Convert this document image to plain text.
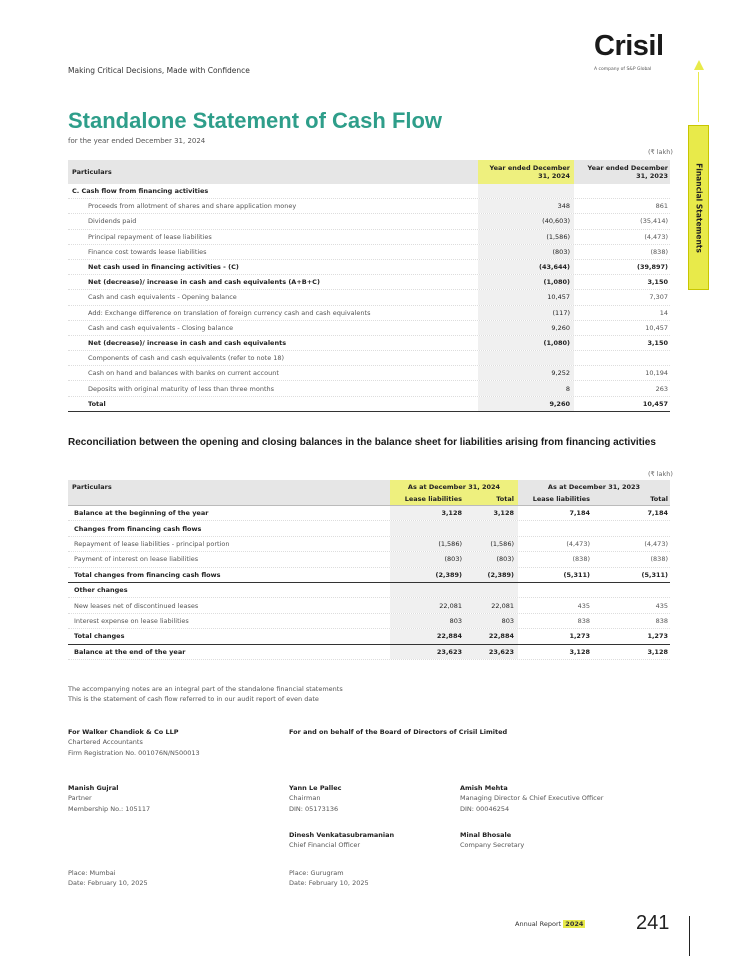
Making Critical Decisions, Made with Confidence
Crisil
A company of S&P Global
Financial Statements
Standalone Statement of Cash Flow
for the year ended December 31, 2024
(₹ lakh)
Particulars
Year ended December 31, 2024
Year ended December 31, 2023
C. Cash flow from financing activities
Proceeds from allotment of shares and share application money	348	861
Dividends paid	(40,603)	(35,414)
Principal repayment of lease liabilities	(1,586)	(4,473)
Finance cost towards lease liabilities	(803)	(838)
Net cash used in financing activities - (C)	(43,644)	(39,897)
Net (decrease)/ increase in cash and cash equivalents (A+B+C)	(1,080)	3,150
Cash and cash equivalents - Opening balance	10,457	7,307
Add: Exchange difference on translation of foreign currency cash and cash equivalents	(117)	14
Cash and cash equivalents - Closing balance	9,260	10,457
Net (decrease)/ increase in cash and cash equivalents	(1,080)	3,150
Components of cash and cash equivalents (refer to note 18)
Cash on hand and balances with banks on current account	9,252	10,194
Deposits with original maturity of less than three months	8	263
Total	9,260	10,457
Reconciliation between the opening and closing balances in the balance sheet for liabilities arising from financing activities
(₹ lakh)
Particulars	As at December 31, 2024	As at December 31, 2023
Lease liabilities	Total	Lease liabilities	Total
Balance at the beginning of the year	3,128	3,128	7,184	7,184
Changes from financing cash flows
Repayment of lease liabilities - principal portion	(1,586)	(1,586)	(4,473)	(4,473)
Payment of interest on lease liabilities	(803)	(803)	(838)	(838)
Total changes from financing cash flows	(2,389)	(2,389)	(5,311)	(5,311)
Other changes
New leases net of discontinued leases	22,081	22,081	435	435
Interest expense on lease liabilities	803	803	838	838
Total changes	22,884	22,884	1,273	1,273
Balance at the end of the year	23,623	23,623	3,128	3,128
The accompanying notes are an integral part of the standalone financial statements
This is the statement of cash flow referred to in our audit report of even date
For Walker Chandiok & Co LLP
Chartered Accountants
Firm Registration No. 001076N/N500013
For and on behalf of the Board of Directors of Crisil Limited
Manish Gujral
Partner
Membership No.: 105117
Yann Le Pallec
Chairman
DIN: 05173136
Amish Mehta
Managing Director & Chief Executive Officer
DIN: 00046254
Dinesh Venkatasubramanian
Chief Financial Officer
Minal Bhosale
Company Secretary
Place: Mumbai
Date: February 10, 2025
Place: Gurugram
Date: February 10, 2025
Annual Report 2024	241
